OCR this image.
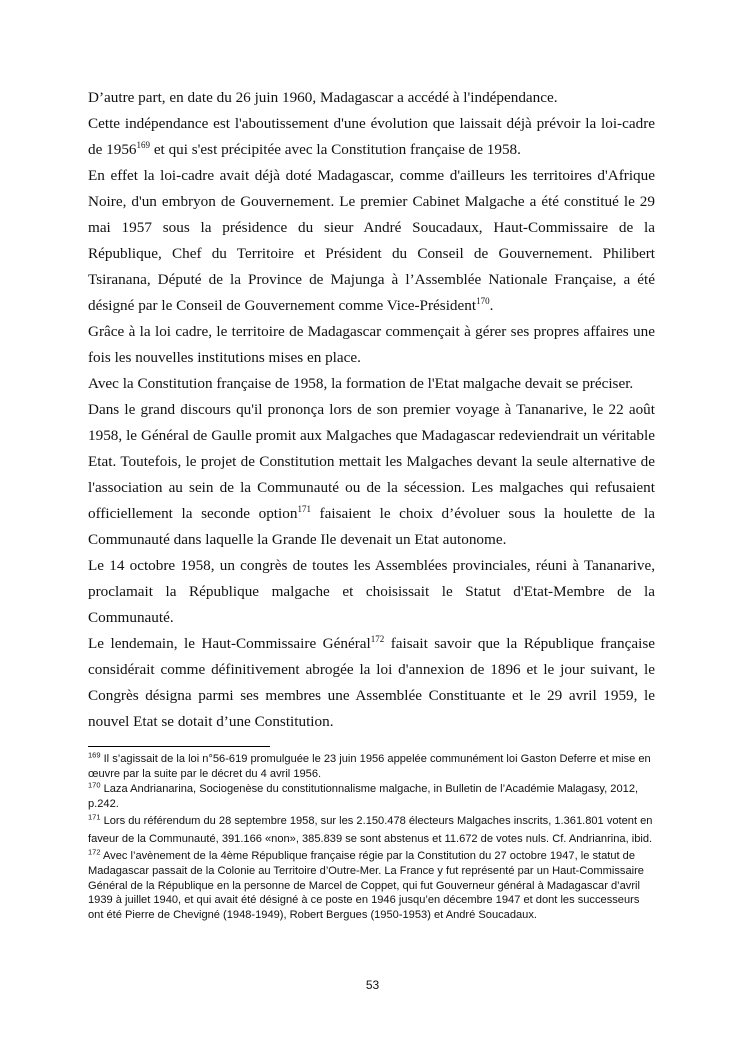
D’autre part, en date du 26 juin 1960, Madagascar a accédé à l'indépendance.

Cette indépendance est l'aboutissement d'une évolution que laissait déjà prévoir la loi-cadre de 1956$^{169}$ et qui s'est précipitée avec la Constitution française de 1958.

En effet la loi-cadre avait déjà doté Madagascar, comme d'ailleurs les territoires d'Afrique Noire, d'un embryon de Gouvernement. Le premier Cabinet Malgache a été constitué le 29 mai 1957 sous la présidence du sieur André Soucadaux, Haut-Commissaire de la République, Chef du Territoire et Président du Conseil de Gouvernement. Philibert Tsiranana, Député de la Province de Majunga à l’Assemblée Nationale Française, a été désigné par le Conseil de Gouvernement comme Vice-Président$^{170}$.

Grâce à la loi cadre, le territoire de Madagascar commençait à gérer ses propres affaires une fois les nouvelles institutions mises en place.

Avec la Constitution française de 1958, la formation de l'Etat malgache devait se préciser.

Dans le grand discours qu'il prononça lors de son premier voyage à Tananarive, le 22 août 1958, le Général de Gaulle promit aux Malgaches que Madagascar redeviendrait un véritable Etat. Toutefois, le projet de Constitution mettait les Malgaches devant la seule alternative de l'association au sein de la Communauté ou de la sécession. Les malgaches qui refusaient officiellement la seconde option$^{171}$ faisaient le choix d’évoluer sous la houlette de la Communauté dans laquelle la Grande Ile devenait un Etat autonome.

Le 14 octobre 1958, un congrès de toutes les Assemblées provinciales, réuni à Tananarive, proclamait la République malgache et choisissait le Statut d'Etat-Membre de la Communauté.

Le lendemain, le Haut-Commissaire Général$^{172}$ faisait savoir que la République française considérait comme définitivement abrogée la loi d'annexion de 1896 et le jour suivant, le Congrès désigna parmi ses membres une Assemblée Constituante et le 29 avril 1959, le nouvel Etat se dotait d’une Constitution.

$^{169}$ Il s’agissait de la loi n°56-619 promulguée le 23 juin 1956 appelée communément loi Gaston Deferre et mise en œuvre par la suite par le décret du 4 avril 1956.

$^{170}$ Laza Andrianarina, Sociogenèse du constitutionnalisme malgache, in Bulletin de l’Académie Malagasy, 2012, p.242.

$^{171}$ Lors du référendum du 28 septembre 1958, sur les 2.150.478 électeurs Malgaches inscrits, 1.361.801 votent en faveur de la Communauté, 391.166 «non», 385.839 se sont abstenus et 11.672 de votes nuls. Cf. Andrianrina, ibid.

$^{172}$ Avec l’avènement de la 4ème République française régie par la Constitution du 27 octobre 1947, le statut de Madagascar passait de la Colonie au Territoire d’Outre-Mer. La France y fut représenté par un Haut-Commissaire Général de la République en la personne de Marcel de Coppet, qui fut Gouverneur général à Madagascar d’avril 1939 à juillet 1940, et qui avait été désigné à ce poste en 1946 jusqu’en décembre 1947 et dont les successeurs ont été Pierre de Chevigné (1948-1949), Robert Bergues (1950-1953) et André Soucadaux.

53
